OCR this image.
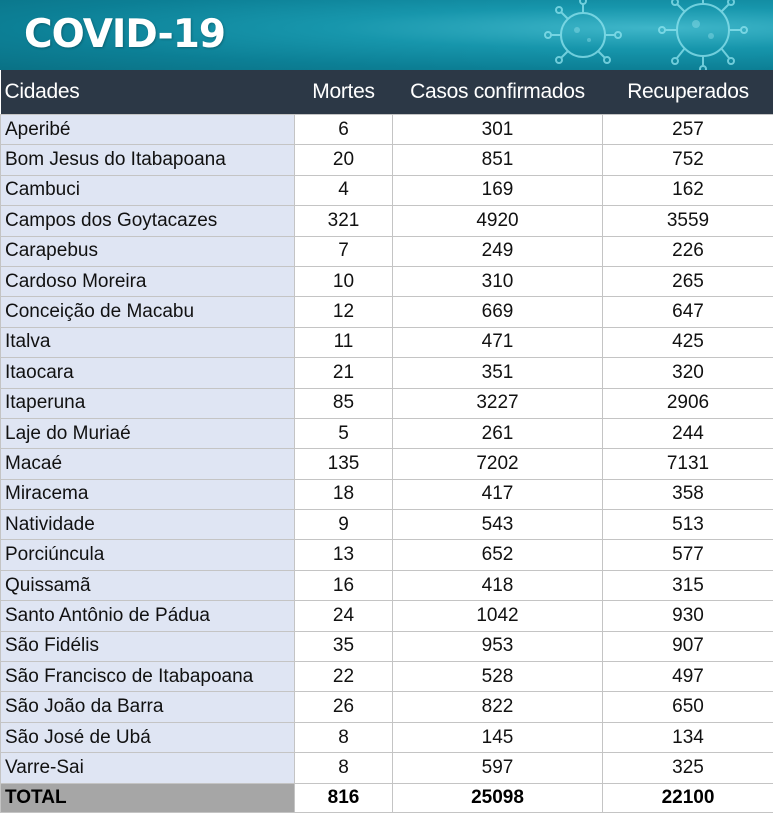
COVID-19
Cidades	Mortes	Casos confirmados	Recuperados
Aperibé	6	301	257
Bom Jesus do Itabapoana	20	851	752
Cambuci	4	169	162
Campos dos Goytacazes	321	4920	3559
Carapebus	7	249	226
Cardoso Moreira	10	310	265
Conceição de Macabu	12	669	647
Italva	11	471	425
Itaocara	21	351	320
Itaperuna	85	3227	2906
Laje do Muriaé	5	261	244
Macaé	135	7202	7131
Miracema	18	417	358
Natividade	9	543	513
Porciúncula	13	652	577
Quissamã	16	418	315
Santo Antônio de Pádua	24	1042	930
São Fidélis	35	953	907
São Francisco de Itabapoana	22	528	497
São João da Barra	26	822	650
São José de Ubá	8	145	134
Varre-Sai	8	597	325
TOTAL	816	25098	22100
